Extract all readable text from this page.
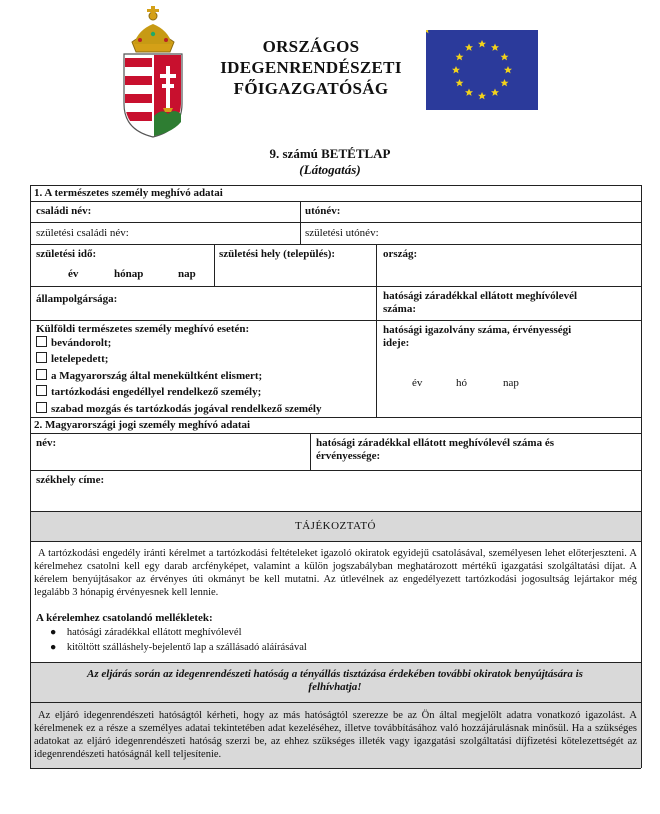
ORSZÁGOS
IDEGENRENDÉSZETI
FŐIGAZGATÓSÁG
9. számú BETÉTLAP
(Látogatás)
1. A természetes személy meghívó adatai
családi név:	utónév:
születési családi név:	születési utónév:
születési idő:
év	hónap	nap
születési hely (település):	ország:
állampolgársága:	hatósági záradékkal ellátott meghívólevél
száma:
Külföldi természetes személy meghívó esetén:
bevándorolt;
letelepedett;
a Magyarország által menekültként elismert;
tartózkodási engedéllyel rendelkező személy;
szabad mozgás és tartózkodás jogával rendelkező személy
hatósági igazolvány száma, érvényességi
ideje:
év	hó	nap
2. Magyarországi jogi személy meghívó adatai
név:	hatósági záradékkal ellátott meghívólevél száma és
érvényessége:
székhely címe:
TÁJÉKOZTATÓ
A tartózkodási engedély iránti kérelmet a tartózkodási feltételeket igazoló okiratok egyidejű csatolásával, személyesen lehet előterjeszteni. A kérelmehez csatolni kell egy darab arcfényképet, valamint a külön jogszabályban meghatározott mértékű igazgatási szolgáltatási díjat. A kérelem benyújtásakor az érvényes úti okmányt be kell mutatni. Az útlevélnek az engedélyezett tartózkodási jogosultság lejártakor még legalább 3 hónapig érvényesnek kell lennie.
A kérelemhez csatolandó mellékletek:
● hatósági záradékkal ellátott meghívólevél
● kitöltött szálláshely-bejelentő lap a szállásadó aláírásával
Az eljárás során az idegenrendészeti hatóság a tényállás tisztázása érdekében további okiratok benyújtására is felhívhatja!
Az eljáró idegenrendészeti hatóságtól kérheti, hogy az más hatóságtól szerezze be az Ön által megjelölt adatra vonatkozó igazolást. A kérelmenek ez a része a személyes adatai tekintetében adat kezeléséhez, illetve továbbításához való hozzájárulásnak minősül. Ha a szükséges adatokat az eljáró idegenrendészeti hatóság szerzi be, az ehhez szükséges illeték vagy igazgatási szolgáltatási díjfizetési kötelezettségét az idegenrendészeti hatóságnál kell teljesítenie.
